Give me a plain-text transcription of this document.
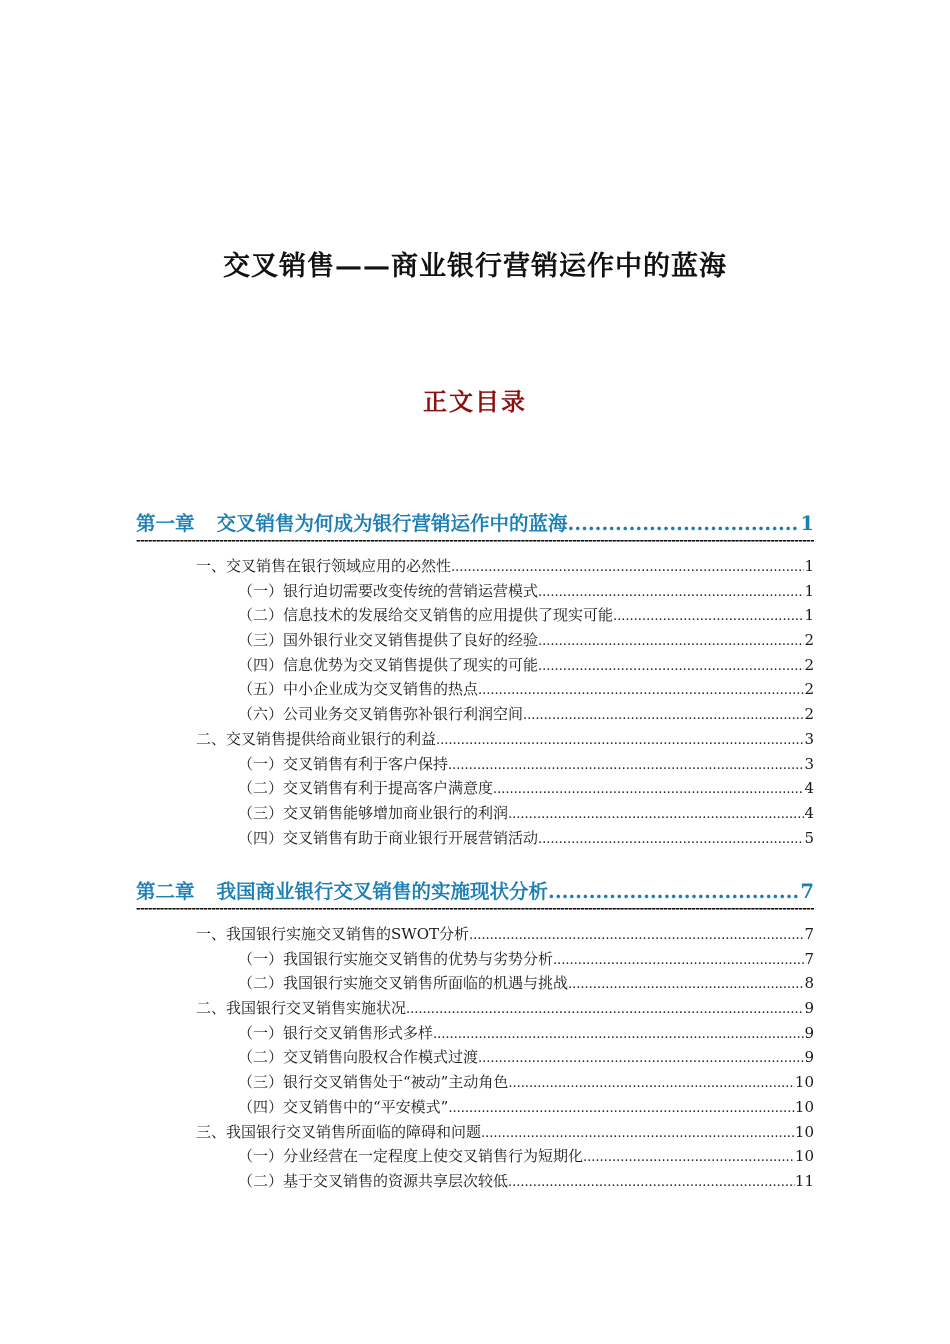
交叉销售——商业银行营销运作中的蓝海
正文目录
第一章 交叉销售为何成为银行营销运作中的蓝海 .....	1
-----
一、交叉销售在银行领域应用的必然性 .....	1
（一）银行迫切需要改变传统的营销运营模式 .....	1
（二）信息技术的发展给交叉销售的应用提供了现实可能 .....	1
（三）国外银行业交叉销售提供了良好的经验 .....	2
（四）信息优势为交叉销售提供了现实的可能 .....	2
（五）中小企业成为交叉销售的热点 .....	2
（六）公司业务交叉销售弥补银行利润空间 .....	2
二、交叉销售提供给商业银行的利益 .....	3
（一）交叉销售有利于客户保持 .....	3
（二）交叉销售有利于提高客户满意度 .....	4
（三）交叉销售能够增加商业银行的利润 .....	4
（四）交叉销售有助于商业银行开展营销活动 .....	5
第二章 我国商业银行交叉销售的实施现状分析 .....	7
-----
一、我国银行实施交叉销售的SWOT分析 .....	7
（一）我国银行实施交叉销售的优势与劣势分析 .....	7
（二）我国银行实施交叉销售所面临的机遇与挑战 .....	8
二、我国银行交叉销售实施状况 .....	9
（一）银行交叉销售形式多样 .....	9
（二）交叉销售向股权合作模式过渡 .....	9
（三）银行交叉销售处于“被动”主动角色 .....	10
（四）交叉销售中的“平安模式” .....	10
三、我国银行交叉销售所面临的障碍和问题 .....	10
（一）分业经营在一定程度上使交叉销售行为短期化 .....	10
（二）基于交叉销售的资源共享层次较低 .....	11
